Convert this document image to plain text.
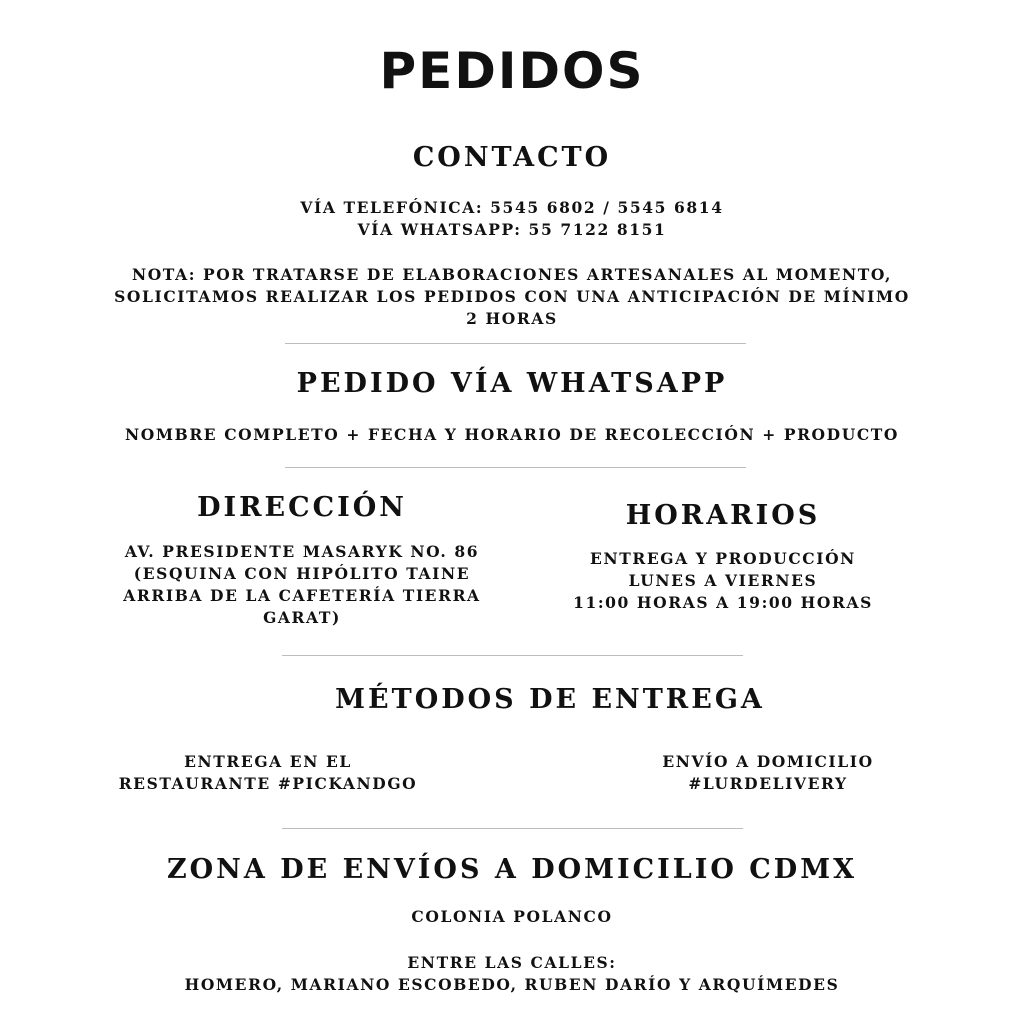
PEDIDOS
CONTACTO
VÍA TELEFÓNICA: 5545 6802 / 5545 6814
VÍA WHATSAPP: 55 7122 8151
NOTA: POR TRATARSE DE ELABORACIONES ARTESANALES AL MOMENTO,
SOLICITAMOS REALIZAR LOS PEDIDOS CON UNA ANTICIPACIÓN DE MÍNIMO
2 HORAS
PEDIDO VÍA WHATSAPP
NOMBRE COMPLETO + FECHA Y HORARIO DE RECOLECCIÓN + PRODUCTO
DIRECCIÓN
AV. PRESIDENTE MASARYK NO. 86
(ESQUINA CON HIPÓLITO TAINE
ARRIBA DE LA CAFETERÍA TIERRA
GARAT)
HORARIOS
ENTREGA Y PRODUCCIÓN
LUNES A VIERNES
11:00 HORAS A 19:00 HORAS
MÉTODOS DE ENTREGA
ENTREGA EN EL
RESTAURANTE #PICKANDGO
ENVÍO A DOMICILIO
#LURDELIVERY
ZONA DE ENVÍOS A DOMICILIO CDMX
COLONIA POLANCO
ENTRE LAS CALLES:
HOMERO, MARIANO ESCOBEDO, RUBEN DARÍO Y ARQUÍMEDES
